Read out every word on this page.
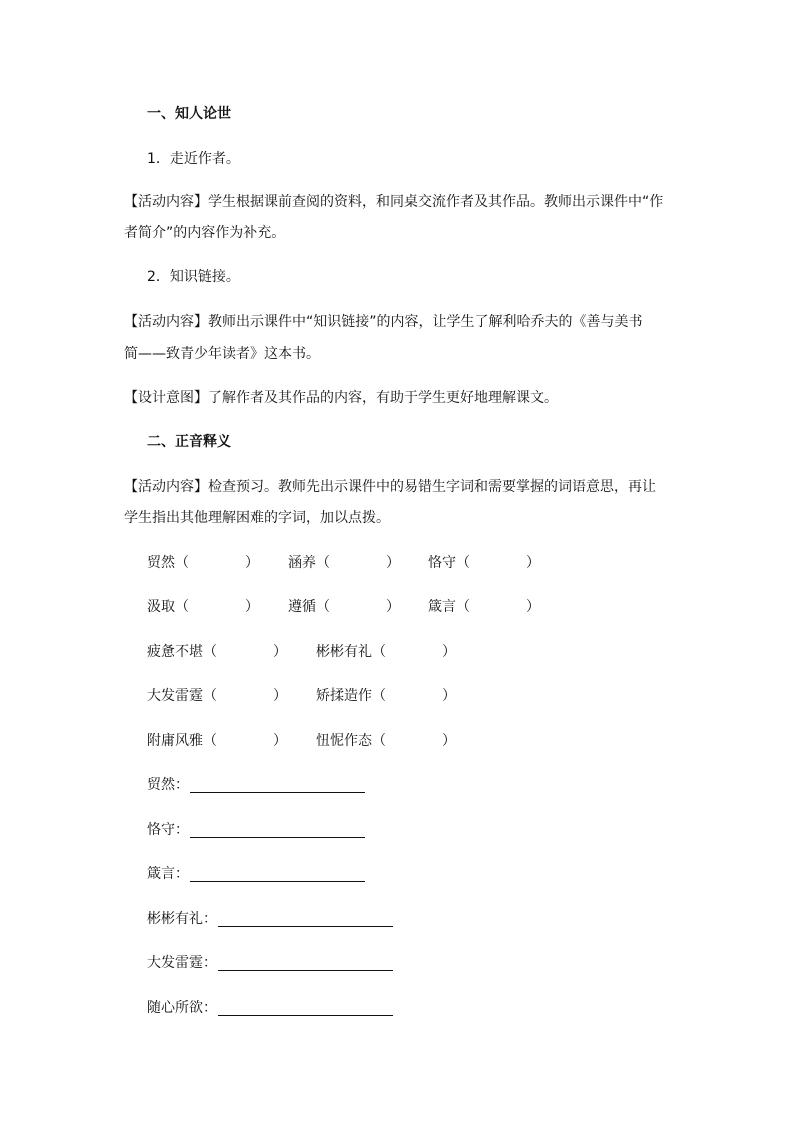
一、知人论世
1．走近作者。
【活动内容】学生根据课前查阅的资料，和同桌交流作者及其作品。教师出示课件中“作
者简介”的内容作为补充。
2．知识链接。
【活动内容】教师出示课件中“知识链接”的内容，让学生了解利哈乔夫的《善与美书
简——致青少年读者》这本书。
【设计意图】了解作者及其作品的内容，有助于学生更好地理解课文。
二、正音释义
【活动内容】检查预习。教师先出示课件中的易错生字词和需要掌握的词语意思，再让
学生指出其他理解困难的字词，加以点拨。
贸然（　　　　） 涵养（　　　　） 恪守（　　　　）
汲取（　　　　） 遵循（　　　　） 箴言（　　　　）
疲惫不堪（　　　　） 彬彬有礼（　　　　）
大发雷霆（　　　　） 矫揉造作（　　　　）
附庸风雅（　　　　） 忸怩作态（　　　　）
贸然：
恪守：
箴言：
彬彬有礼：
大发雷霆：
随心所欲：
